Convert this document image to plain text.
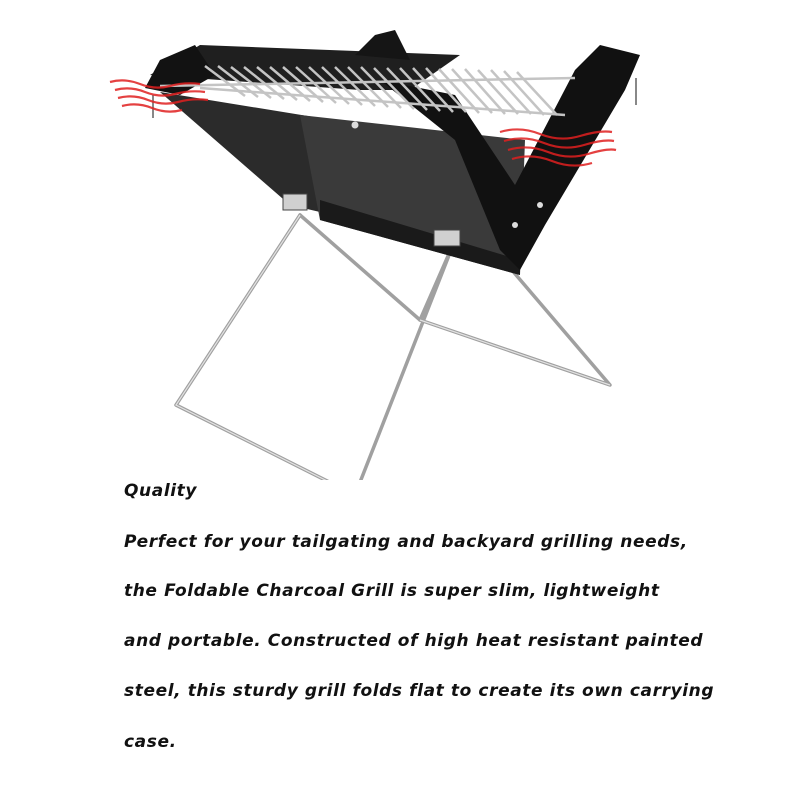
Quality
Perfect for your tailgating and backyard grilling needs,
the Foldable Charcoal Grill is super slim, lightweight
and portable. Constructed of high heat resistant painted
steel, this sturdy grill folds flat to create its own carrying
case.
